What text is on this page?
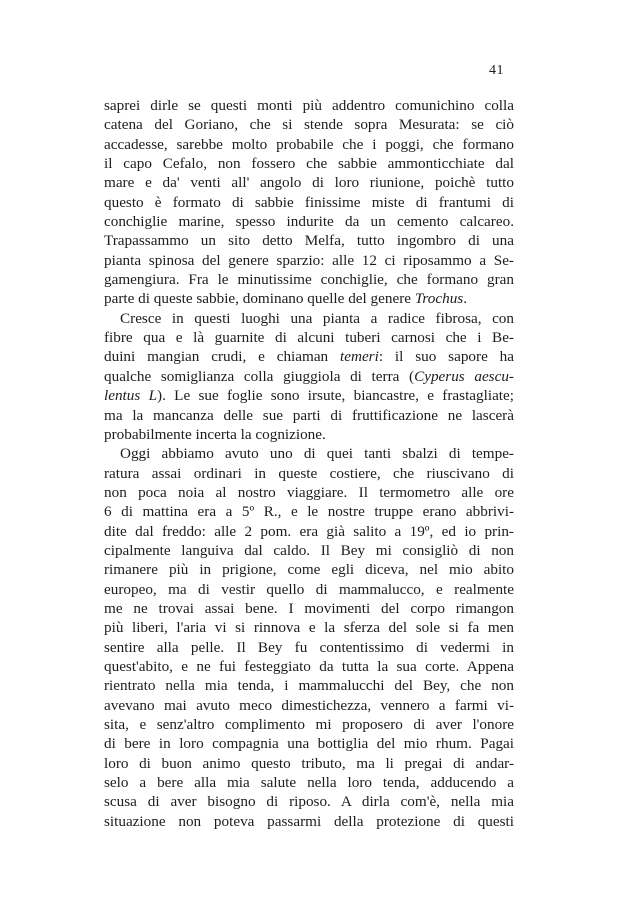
41
saprei dirle se questi monti più addentro comunichino colla
catena del Goriano, che si stende sopra Mesurata: se ciò
accadesse, sarebbe molto probabile che i poggi, che formano
il capo Cefalo, non fossero che sabbie ammonticchiate dal
mare e da' venti all' angolo di loro riunione, poichè tutto
questo è formato di sabbie finissime miste di frantumi di
conchiglie marine, spesso indurite da un cemento calcareo.
Trapassammo un sito detto Melfa, tutto ingombro di una
pianta spinosa del genere sparzio: alle 12 ci riposammo a Se-
gamengiura. Fra le minutissime conchiglie, che formano gran
parte di queste sabbie, dominano quelle del genere Trochus.
Cresce in questi luoghi una pianta a radice fibrosa, con
fibre qua e là guarnite di alcuni tuberi carnosi che i Be-
duini mangian crudi, e chiaman temeri: il suo sapore ha
qualche somiglianza colla giuggiola di terra (Cyperus aescu-
lentus L). Le sue foglie sono irsute, biancastre, e frastagliate;
ma la mancanza delle sue parti di fruttificazione ne lascerà
probabilmente incerta la cognizione.
Oggi abbiamo avuto uno di quei tanti sbalzi di tempe-
ratura assai ordinari in queste costiere, che riuscivano di
non poca noia al nostro viaggiare. Il termometro alle ore
6 di mattina era a 5º R., e le nostre truppe erano abbrivi-
dite dal freddo: alle 2 pom. era già salito a 19º, ed io prin-
cipalmente languiva dal caldo. Il Bey mi consigliò di non
rimanere più in prigione, come egli diceva, nel mio abito
europeo, ma di vestir quello di mammalucco, e realmente
me ne trovai assai bene. I movimenti del corpo rimangon
più liberi, l'aria vi si rinnova e la sferza del sole si fa men
sentire alla pelle. Il Bey fu contentissimo di vedermi in
quest'abito, e ne fui festeggiato da tutta la sua corte. Appena
rientrato nella mia tenda, i mammalucchi del Bey, che non
avevano mai avuto meco dimestichezza, vennero a farmi vi-
sita, e senz'altro complimento mi proposero di aver l'onore
di bere in loro compagnia una bottiglia del mio rhum. Pagai
loro di buon animo questo tributo, ma li pregai di andar-
selo a bere alla mia salute nella loro tenda, adducendo a
scusa di aver bisogno di riposo. A dirla com'è, nella mia
situazione non poteva passarmi della protezione di questi
